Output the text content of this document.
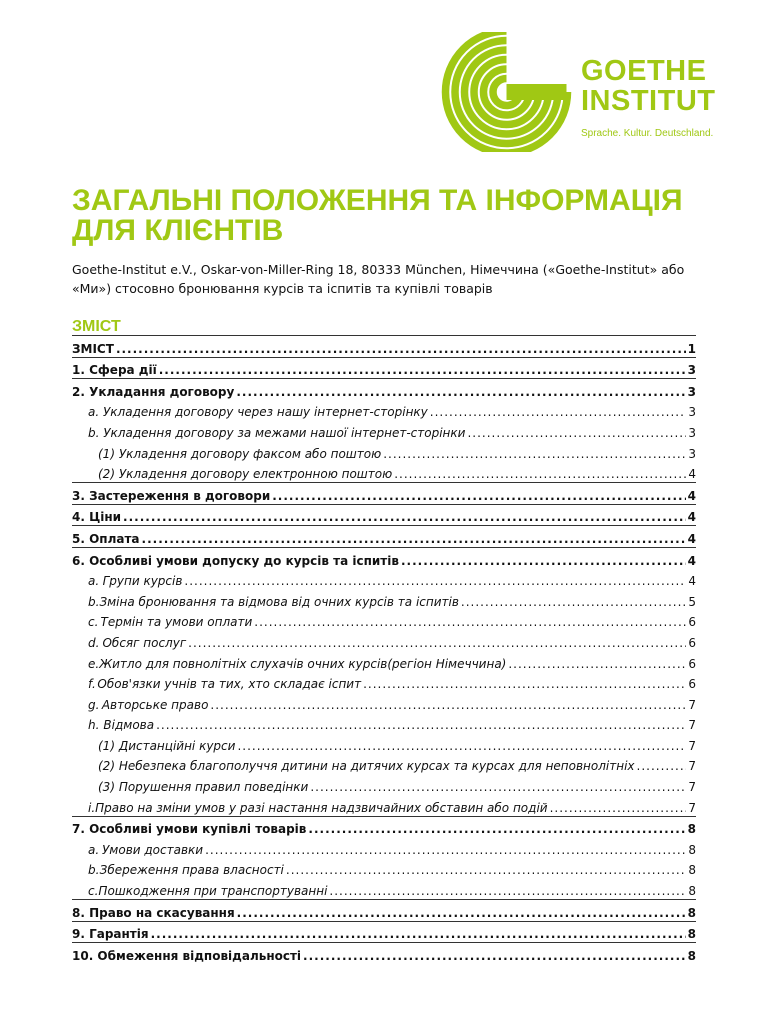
GOETHE
INSTITUT
Sprache. Kultur. Deutschland.
ЗАГАЛЬНІ ПОЛОЖЕННЯ ТА ІНФОРМАЦІЯ ДЛЯ КЛІЄНТІВ

Goethe-Institut e.V., Oskar-von-Miller-Ring 18, 80333 München, Німеччина («Goethe-Institut» або «Ми») стосовно бронювання курсів та іспитів та купівлі товарів

ЗМІСТ
ЗМІСТ .....	1
1. Сфера дії .....	3
2. Укладання договору .....	3
a. Укладення договору через нашу інтернет-сторінку .....	3
b. Укладення договору за межами нашої інтернет-сторінки .....	3
(1) Укладення договору факсом або поштою .....	3
(2) Укладення договору електронною поштою .....	4
3. Застереження в договори .....	4
4. Ціни .....	4
5. Оплата .....	4
6. Особливі умови допуску до курсів та іспитів .....	4
a. Групи курсів .....	4
b. Зміна бронювання та відмова від очних курсів та іспитів .....	5
c. Термін та умови оплати .....	6
d. Обсяг послуг .....	6
e. Житло для повнолітніх слухачів очних курсів(регіон Німеччина) .....	6
f. Обов'язки учнів та тих, хто складає іспит .....	6
g. Авторське право .....	7
h. Відмова .....	7
(1) Дистанційні курси .....	7
(2) Небезпека благополуччя дитини на дитячих курсах та курсах для неповнолітніх .....	7
(3) Порушення правил поведінки .....	7
i. Право на зміни умов у разі настання надзвичайних обставин або подій .....	7
7. Особливі умови купівлі товарів .....	8
a. Умови доставки .....	8
b. Збереження права власності .....	8
c. Пошкодження при транспортуванні .....	8
8. Право на скасування .....	8
9. Гарантія .....	8
10. Обмеження відповідальності .....	8
